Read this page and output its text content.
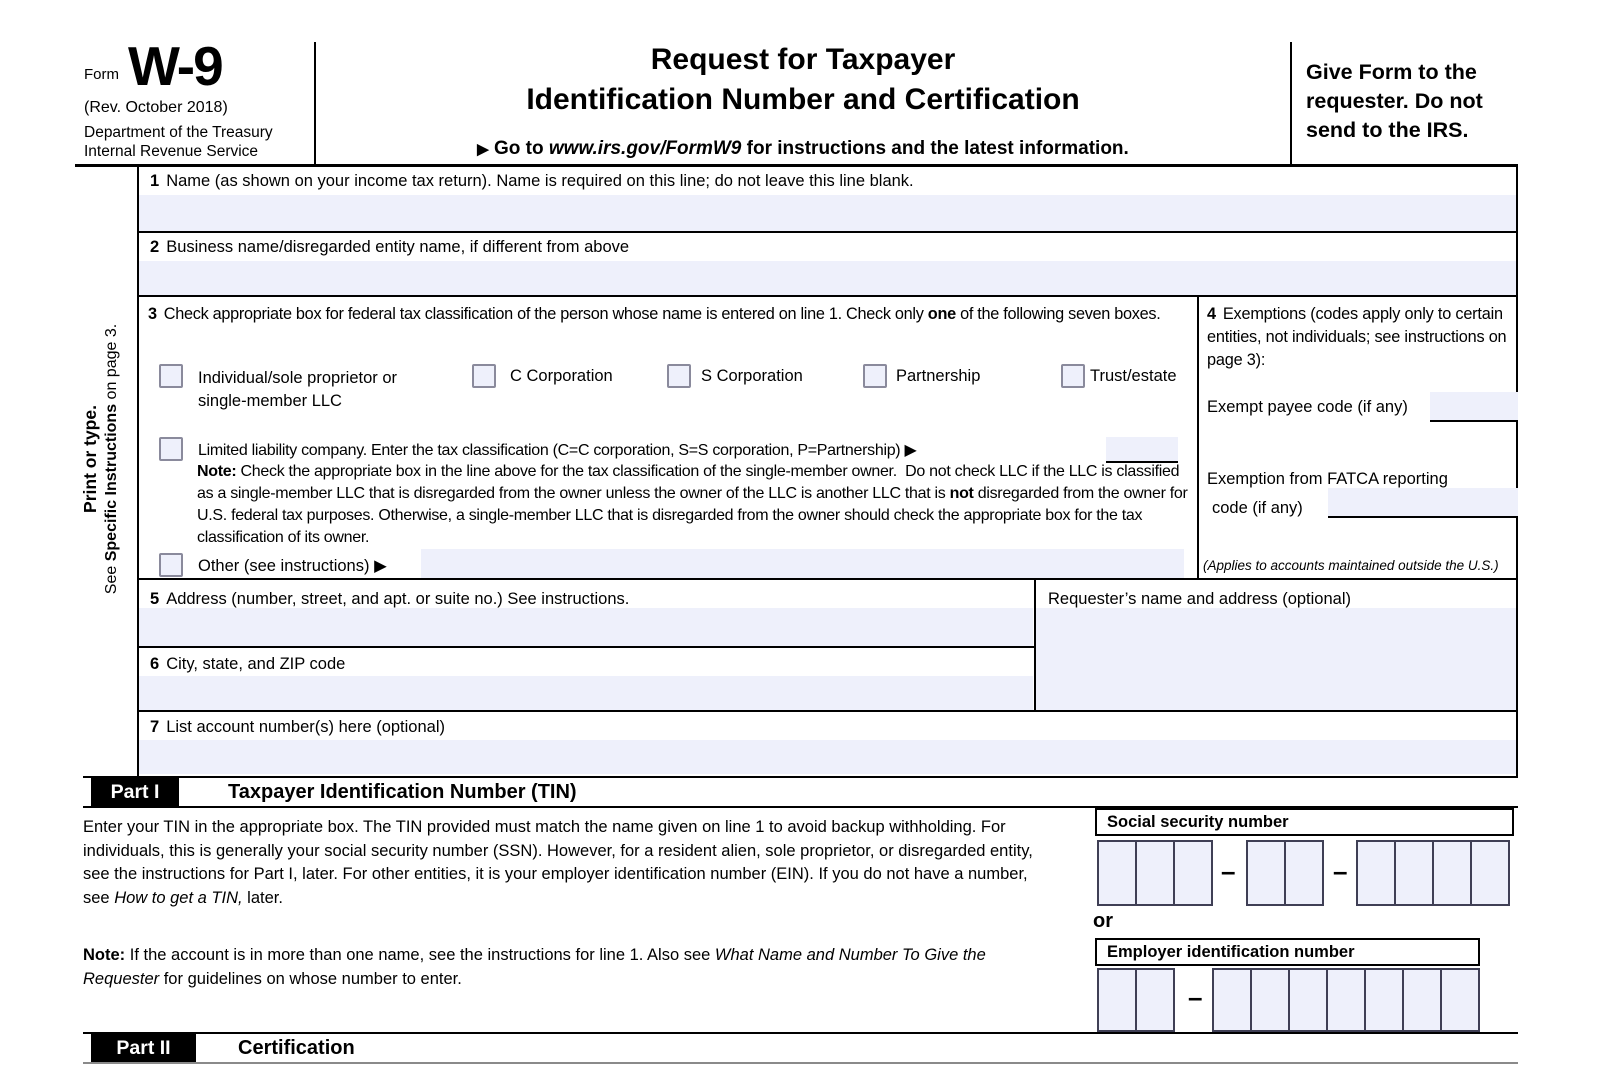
Form W-9
(Rev. October 2018)
Department of the Treasury
Internal Revenue Service
Request for Taxpayer
Identification Number and Certification
▶ Go to www.irs.gov/FormW9 for instructions and the latest information.
Give Form to the requester. Do not send to the IRS.
Print or type.
See Specific Instructions on page 3.
1 Name (as shown on your income tax return). Name is required on this line; do not leave this line blank.
2 Business name/disregarded entity name, if different from above
3 Check appropriate box for federal tax classification of the person whose name is entered on line 1. Check only one of the following seven boxes.
Individual/sole proprietor or single-member LLC
C Corporation	S Corporation	Partnership	Trust/estate
Limited liability company. Enter the tax classification (C=C corporation, S=S corporation, P=Partnership) ▶
Note: Check the appropriate box in the line above for the tax classification of the single-member owner.  Do not check LLC if the LLC is classified as a single-member LLC that is disregarded from the owner unless the owner of the LLC is another LLC that is not disregarded from the owner for U.S. federal tax purposes. Otherwise, a single-member LLC that is disregarded from the owner should check the appropriate box for the tax classification of its owner.
Other (see instructions) ▶
4 Exemptions (codes apply only to certain entities, not individuals; see instructions on page 3):
Exempt payee code (if any)
Exemption from FATCA reporting
code (if any)
(Applies to accounts maintained outside the U.S.)
5 Address (number, street, and apt. or suite no.) See instructions.	Requester’s name and address (optional)
6 City, state, and ZIP code
7 List account number(s) here (optional)
Part I	Taxpayer Identification Number (TIN)
Enter your TIN in the appropriate box. The TIN provided must match the name given on line 1 to avoid backup withholding. For individuals, this is generally your social security number (SSN). However, for a resident alien, sole proprietor, or disregarded entity, see the instructions for Part I, later. For other entities, it is your employer identification number (EIN). If you do not have a number, see How to get a TIN, later.
Note: If the account is in more than one name, see the instructions for line 1. Also see What Name and Number To Give the Requester for guidelines on whose number to enter.
Social security number
–	–
or
Employer identification number
–
Part II	Certification
